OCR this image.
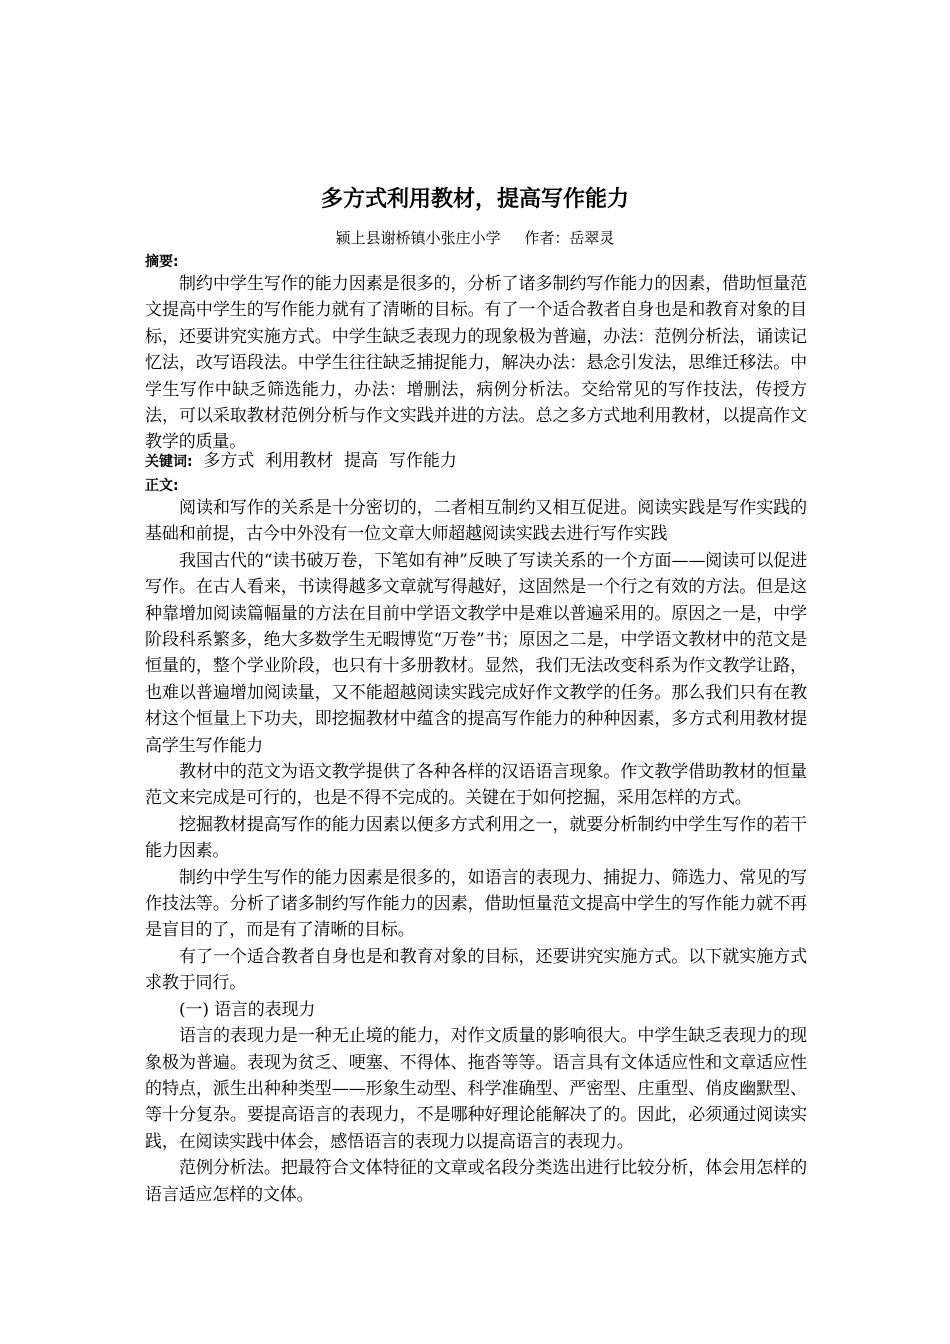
多方式利用教材，提高写作能力
颍上县谢桥镇小张庄小学     作者：岳翠灵
摘要:

制约中学生写作的能力因素是很多的，分析了诸多制约写作能力的因素，借助恒量范文提高中学生的写作能力就有了清晰的目标。有了一个适合教者自身也是和教育对象的目标，还要讲究实施方式。中学生缺乏表现力的现象极为普遍，办法：范例分析法，诵读记忆法，改写语段法。中学生往往缺乏捕捉能力，解决办法：悬念引发法，思维迁移法。中学生写作中缺乏筛选能力，办法：增删法，病例分析法。交给常见的写作技法，传授方法，可以采取教材范例分析与作文实践并进的方法。总之多方式地利用教材，以提高作文教学的质量。

关键词: 多方式  利用教材  提高  写作能力
正文:

阅读和写作的关系是十分密切的，二者相互制约又相互促进。阅读实践是写作实践的基础和前提，古今中外没有一位文章大师超越阅读实践去进行写作实践

我国古代的“读书破万卷，下笔如有神”反映了写读关系的一个方面——阅读可以促进写作。在古人看来，书读得越多文章就写得越好，这固然是一个行之有效的方法。但是这种靠增加阅读篇幅量的方法在目前中学语文教学中是难以普遍采用的。原因之一是，中学阶段科系繁多，绝大多数学生无暇博览“万卷”书；原因之二是，中学语文教材中的范文是恒量的，整个学业阶段，也只有十多册教材。显然，我们无法改变科系为作文教学让路，也难以普遍增加阅读量，又不能超越阅读实践完成好作文教学的任务。那么我们只有在教材这个恒量上下功夫，即挖掘教材中蕴含的提高写作能力的种种因素，多方式利用教材提高学生写作能力

教材中的范文为语文教学提供了各种各样的汉语语言现象。作文教学借助教材的恒量范文来完成是可行的，也是不得不完成的。关键在于如何挖掘，采用怎样的方式。

挖掘教材提高写作的能力因素以便多方式利用之一，就要分析制约中学生写作的若干能力因素。

制约中学生写作的能力因素是很多的，如语言的表现力、捕捉力、筛选力、常见的写作技法等。分析了诸多制约写作能力的因素，借助恒量范文提高中学生的写作能力就不再是盲目的了，而是有了清晰的目标。

有了一个适合教者自身也是和教育对象的目标，还要讲究实施方式。以下就实施方式求教于同行。

(一) 语言的表现力

语言的表现力是一种无止境的能力，对作文质量的影响很大。中学生缺乏表现力的现象极为普遍。表现为贫乏、哽塞、不得体、拖沓等等。语言具有文体适应性和文章适应性的特点，派生出种种类型——形象生动型、科学准确型、严密型、庄重型、俏皮幽默型、等十分复杂。要提高语言的表现力，不是哪种好理论能解决了的。因此，必须通过阅读实践，在阅读实践中体会，感悟语言的表现力以提高语言的表现力。

范例分析法。把最符合文体特征的文章或名段分类选出进行比较分析，体会用怎样的语言适应怎样的文体。
